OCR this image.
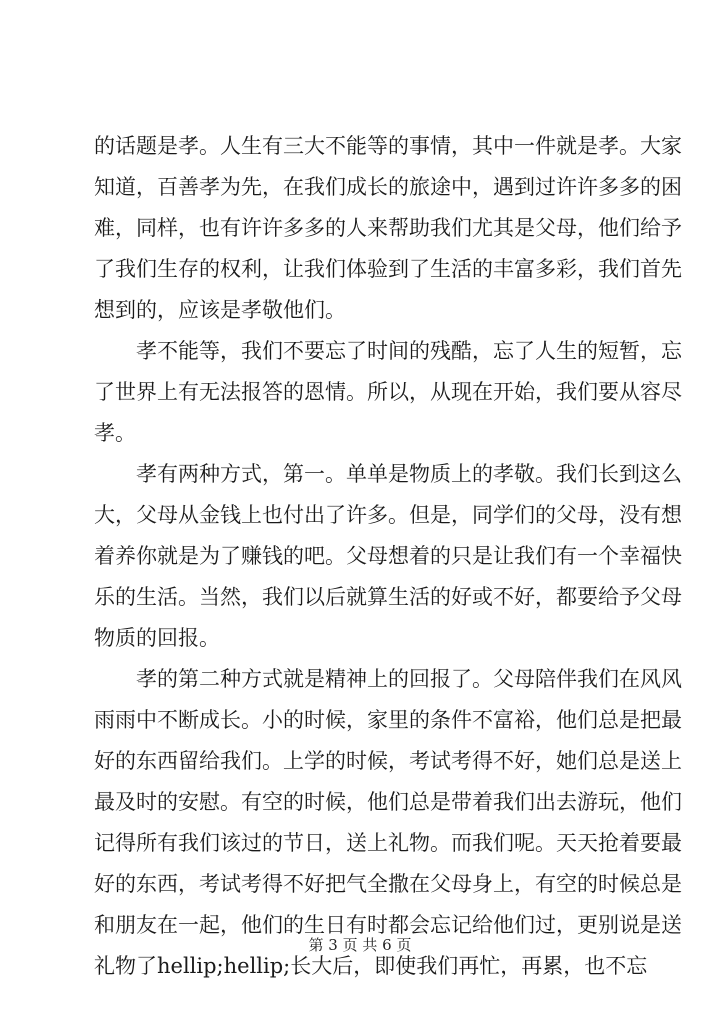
的 话 题 是 孝 。 人 生 有 三 大 不 能 等 的 事 情 ， 其 中 一 件 就 是 孝 。 大 家
知 道 ， 百 善 孝 为 先 ， 在 我 们 成 长 的 旅 途 中 ， 遇 到 过 许 许 多 多 的 困
难 ， 同 样 ， 也 有 许 许 多 多 的 人 来 帮 助 我 们 尤 其 是 父 母 ， 他 们 给 予
了 我 们 生 存 的 权 利 ， 让 我 们 体 验 到 了 生 活 的 丰 富 多 彩 ， 我 们 首 先
想到的，应该是孝敬他们。
孝 不 能 等 ， 我 们 不 要 忘 了 时 间 的 残 酷 ， 忘 了 人 生 的 短 暂 ， 忘
了 世 界 上 有 无 法 报 答 的 恩 情 。 所 以 ， 从 现 在 开 始 ， 我 们 要 从 容 尽
孝。
孝 有 两 种 方 式 ， 第 一 。 单 单 是 物 质 上 的 孝 敬 。 我 们 长 到 这 么
大 ， 父 母 从 金 钱 上 也 付 出 了 许 多 。 但 是 ， 同 学 们 的 父 母 ， 没 有 想
着 养 你 就 是 为 了 赚 钱 的 吧 。 父 母 想 着 的 只 是 让 我 们 有 一 个 幸 福 快
乐 的 生 活 。 当 然 ， 我 们 以 后 就 算 生 活 的 好 或 不 好 ， 都 要 给 予 父 母
物质的回报。
孝 的 第 二 种 方 式 就 是 精 神 上 的 回 报 了 。 父 母 陪 伴 我 们 在 风 风
雨 雨 中 不 断 成 长 。 小 的 时 候 ， 家 里 的 条 件 不 富 裕 ， 他 们 总 是 把 最
好 的 东 西 留 给 我 们 。 上 学 的 时 候 ， 考 试 考 得 不 好 ， 她 们 总 是 送 上
最 及 时 的 安 慰 。 有 空 的 时 候 ， 他 们 总 是 带 着 我 们 出 去 游 玩 ， 他 们
记 得 所 有 我 们 该 过 的 节 日 ， 送 上 礼 物 。 而 我 们 呢 。 天 天 抢 着 要 最
好 的 东 西 ， 考 试 考 得 不 好 把 气 全 撒 在 父 母 身 上 ， 有 空 的 时 候 总 是
和 朋 友 在 一 起 ， 他 们 的 生 日 有 时 都 会 忘 记 给 他 们 过 ， 更 别 说 是 送
礼 物 了 hellip;hellip; 长 大 后 ， 即 使 我 们 再 忙 ， 再 累 ， 也 不 忘
第 3 页 共 6 页
